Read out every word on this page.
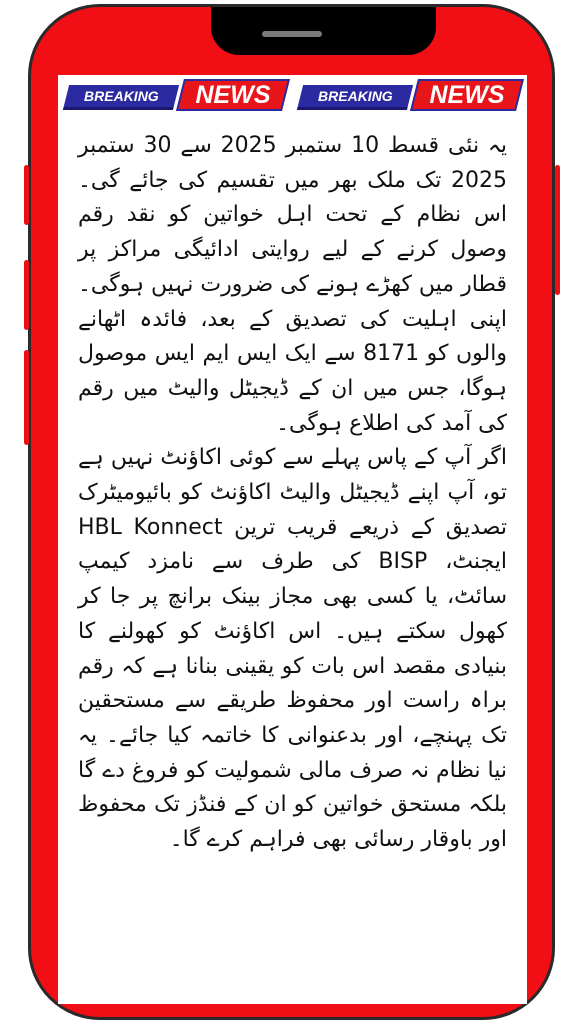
BREAKING	NEWS	BREAKING	NEWS

یہ نئی قسط 10 ستمبر 2025 سے 30 ستمبر 2025 تک ملک بھر میں تقسیم کی جائے گی۔ اس نظام کے تحت اہل خواتین کو نقد رقم وصول کرنے کے لیے روایتی ادائیگی مراکز پر قطار میں کھڑے ہونے کی ضرورت نہیں ہوگی۔ اپنی اہلیت کی تصدیق کے بعد، فائدہ اٹھانے والوں کو 8171 سے ایک ایس ایم ایس موصول ہوگا، جس میں ان کے ڈیجیٹل والیٹ میں رقم کی آمد کی اطلاع ہوگی۔

اگر آپ کے پاس پہلے سے کوئی اکاؤنٹ نہیں ہے تو، آپ اپنے ڈیجیٹل والیٹ اکاؤنٹ کو بائیومیٹرک تصدیق کے ذریعے قریب ترین HBL Konnect ایجنٹ، BISP کی طرف سے نامزد کیمپ سائٹ، یا کسی بھی مجاز بینک برانچ پر جا کر کھول سکتے ہیں۔ اس اکاؤنٹ کو کھولنے کا بنیادی مقصد اس بات کو یقینی بنانا ہے کہ رقم براہ راست اور محفوظ طریقے سے مستحقین تک پہنچے، اور بدعنوانی کا خاتمہ کیا جائے۔ یہ نیا نظام نہ صرف مالی شمولیت کو فروغ دے گا بلکہ مستحق خواتین کو ان کے فنڈز تک محفوظ اور باوقار رسائی بھی فراہم کرے گا۔
